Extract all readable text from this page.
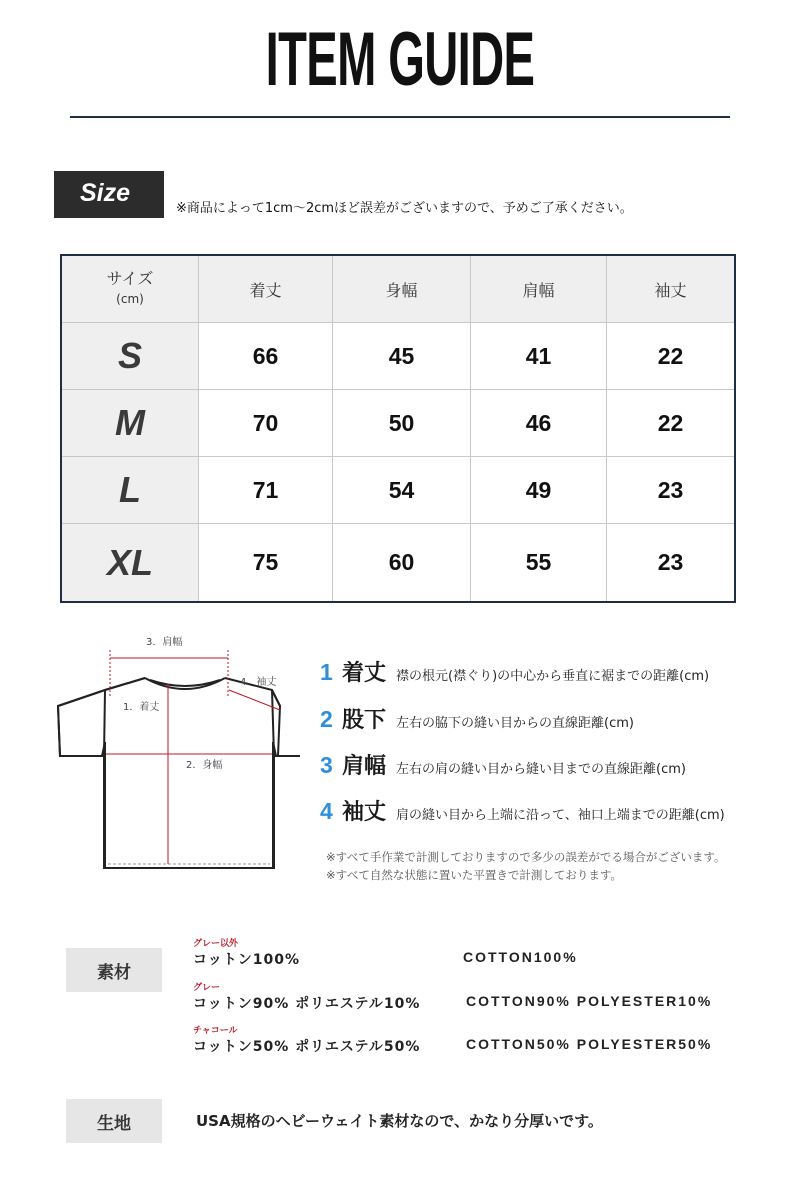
ITEM GUIDE
Size
※商品によって1cm〜2cmほど誤差がございますので、予めご了承ください。
サイズ
(cm)	着丈	身幅	肩幅	袖丈
S	66	45	41	22
M	70	50	46	22
L	71	54	49	23
XL	75	60	55	23
3．肩幅
4．袖丈
1．着丈
2．身幅
1 着丈 襟の根元(襟ぐり)の中心から垂直に裾までの距離(cm)
2 股下 左右の脇下の縫い目からの直線距離(cm)
3 肩幅 左右の肩の縫い目から縫い目までの直線距離(cm)
4 袖丈 肩の縫い目から上端に沿って、袖口上端までの距離(cm)
※すべて手作業で計測しておりますので多少の誤差がでる場合がございます。
※すべて自然な状態に置いた平置きで計測しております。
素材
グレー以外
コットン100%	COTTON100%
グレー
コットン90% ポリエステル10%	COTTON90% POLYESTER10%
チャコール
コットン50% ポリエステル50%	COTTON50% POLYESTER50%
生地	USA規格のヘビーウェイト素材なので、かなり分厚いです。
